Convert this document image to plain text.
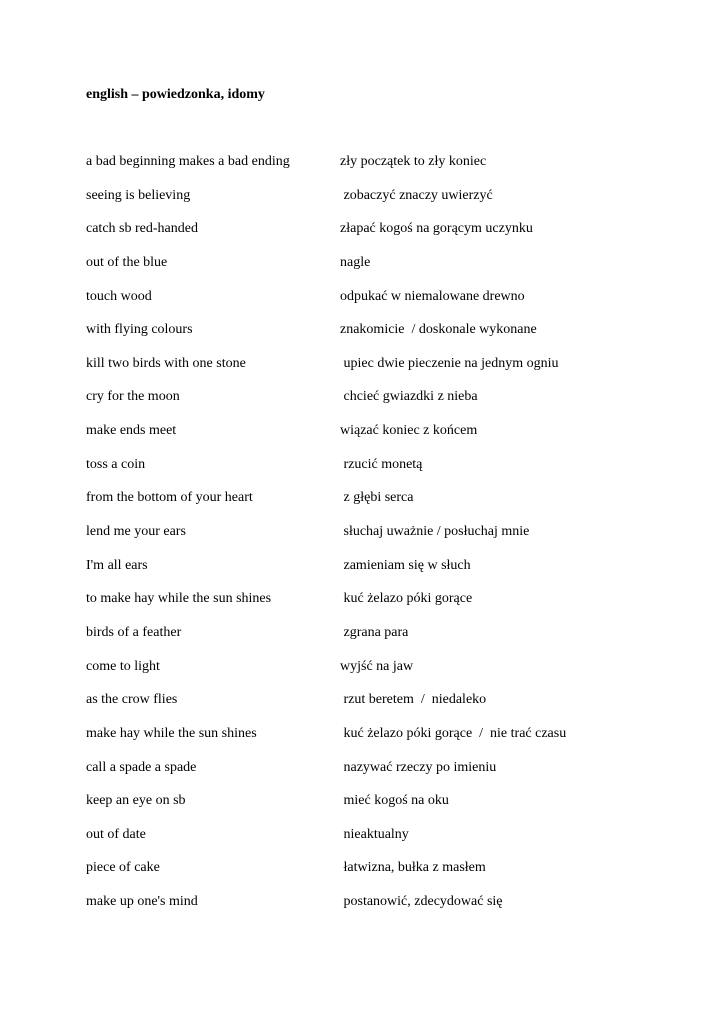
english – powiedzonka, idomy
a bad beginning makes a bad ending	zły początek to zły koniec
seeing is believing	zobaczyć znaczy uwierzyć
catch sb red-handed	złapać kogoś na gorącym uczynku
out of the blue	nagle
touch wood	odpukać w niemalowane drewno
with flying colours	znakomicie  / doskonale wykonane
kill two birds with one stone	upiec dwie pieczenie na jednym ogniu
cry for the moon	chcieć gwiazdki z nieba
make ends meet	wiązać koniec z końcem
toss a coin	rzucić monetą
from the bottom of your heart	z głębi serca
lend me your ears	słuchaj uważnie / posłuchaj mnie
I'm all ears	zamieniam się w słuch
to make hay while the sun shines	kuć żelazo póki gorące
birds of a feather	zgrana para
come to light	wyjść na jaw
as the crow flies	rzut beretem  /  niedaleko
make hay while the sun shines	kuć żelazo póki gorące  /  nie trać czasu
call a spade a spade	nazywać rzeczy po imieniu
keep an eye on sb	mieć kogoś na oku
out of date	nieaktualny
piece of cake	łatwizna, bułka z masłem
make up one's mind	postanowić, zdecydować się
